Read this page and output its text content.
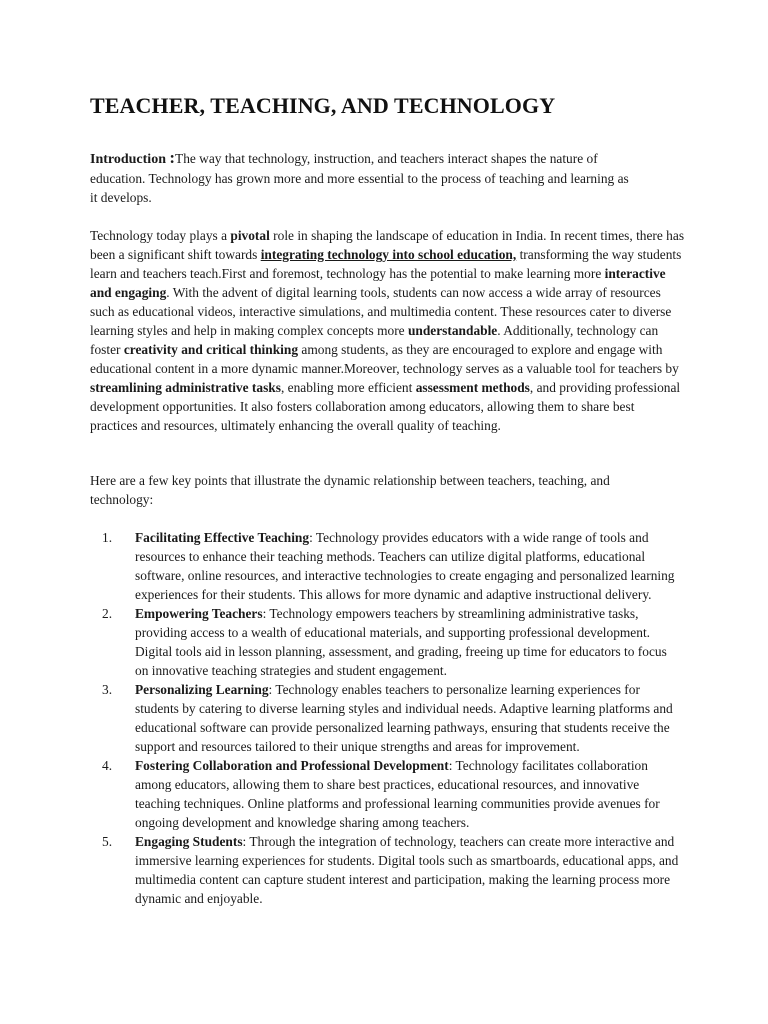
TEACHER, TEACHING, AND TECHNOLOGY

Introduction :The way that technology, instruction, and teachers interact shapes the nature of education. Technology has grown more and more essential to the process of teaching and learning as it develops.

Technology today plays a pivotal role in shaping the landscape of education in India. In recent times, there has been a significant shift towards integrating technology into school education, transforming the way students learn and teachers teach.First and foremost, technology has the potential to make learning more interactive and engaging. With the advent of digital learning tools, students can now access a wide array of resources such as educational videos, interactive simulations, and multimedia content. These resources cater to diverse learning styles and help in making complex concepts more understandable. Additionally, technology can foster creativity and critical thinking among students, as they are encouraged to explore and engage with educational content in a more dynamic manner.Moreover, technology serves as a valuable tool for teachers by streamlining administrative tasks, enabling more efficient assessment methods, and providing professional development opportunities. It also fosters collaboration among educators, allowing them to share best practices and resources, ultimately enhancing the overall quality of teaching.

Here are a few key points that illustrate the dynamic relationship between teachers, teaching, and technology:

1. Facilitating Effective Teaching: Technology provides educators with a wide range of tools and resources to enhance their teaching methods. Teachers can utilize digital platforms, educational software, online resources, and interactive technologies to create engaging and personalized learning experiences for their students. This allows for more dynamic and adaptive instructional delivery.
2. Empowering Teachers: Technology empowers teachers by streamlining administrative tasks, providing access to a wealth of educational materials, and supporting professional development. Digital tools aid in lesson planning, assessment, and grading, freeing up time for educators to focus on innovative teaching strategies and student engagement.
3. Personalizing Learning: Technology enables teachers to personalize learning experiences for students by catering to diverse learning styles and individual needs. Adaptive learning platforms and educational software can provide personalized learning pathways, ensuring that students receive the support and resources tailored to their unique strengths and areas for improvement.
4. Fostering Collaboration and Professional Development: Technology facilitates collaboration among educators, allowing them to share best practices, educational resources, and innovative teaching techniques. Online platforms and professional learning communities provide avenues for ongoing development and knowledge sharing among teachers.
5. Engaging Students: Through the integration of technology, teachers can create more interactive and immersive learning experiences for students. Digital tools such as smartboards, educational apps, and multimedia content can capture student interest and participation, making the learning process more dynamic and enjoyable.
